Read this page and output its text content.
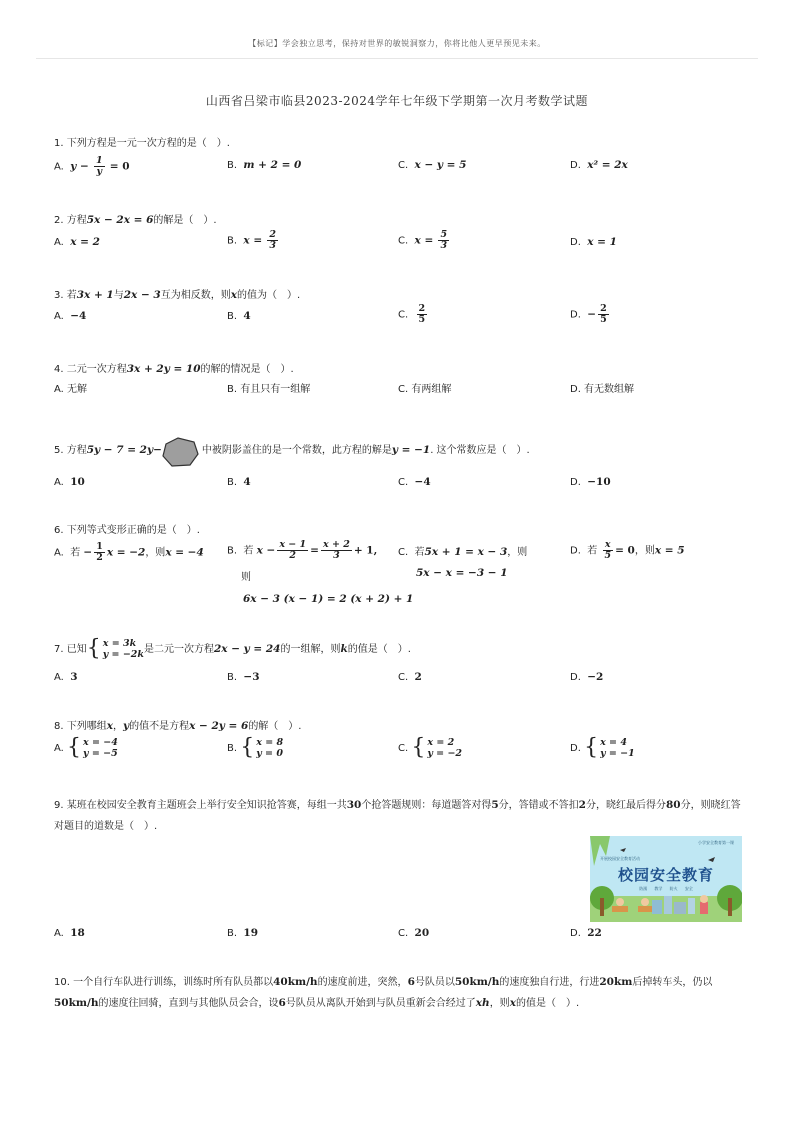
【标记】学会独立思考，保持对世界的敏锐洞察力，你将比他人更早预见未来。
山西省吕梁市临县2023-2024学年七年级下学期第一次月考数学试题
1. 下列方程是一元一次方程的是（　）.
A. $y - \frac{1}{y} = 0$	B. m + 2 = 0	C. x − y = 5	D. x² = 2x
2. 方程5x − 2x = 6的解是（　）.
A. x = 2	B. $x = \frac{2}{3}$	C. $x = \frac{5}{3}$	D. x = 1
3. 若3x + 1与2x − 3互为相反数，则x的值为（　）.
A. −4	B. 4	C. $\frac{2}{5}$	D. − $\frac{2}{5}$
4. 二元一次方程3x + 2y = 10的解的情况是（　）.
A. 无解	B. 有且只有一组解	C. 有两组解	D. 有无数组解
5. 方程5y − 7 = 2y−	中被阴影盖住的是一个常数，此方程的解是y = −1. 这个常数应是（　）.
A. 10	B. 4	C. −4	D. −10
6. 下列等式变形正确的是（　）.
A. 若 − $\frac{1}{2}$ x = −2，则x = −4 B. 若 $x - \frac{x - 1}{2} = \frac{x + 2}{3} + 1$,
则
6x − 3 (x − 1) = 2 (x + 2) + 1
C. 若5x + 1 = x − 3，则
5x − x = −3 − 1
D. 若 $\frac{x}{5} = 0$，则x = 5
7. 已知 { x = 3k
y = −2k 是二元一次方程2x − y = 24的一组解，则k的值是（　）.
A. 3	B. −3	C. 2	D. −2
8. 下列哪组x，y的值不是方程x − 2y = 6的解（　）.
A. { x = −4
y = −5	B. { x = 8
y = 0	C. { x = 2
y = −2	D. { x = 4
y = −1
9. 某班在校园安全教育主题班会上举行安全知识抢答赛，每组一共30个抢答题规则：每道题答对得5分，答错或不答扣2分，晓红最后得分80分，则晓红答对题目的道数是（　）.
小学安全教育第一课
开展校园安全教育活动
校园安全教育
防溺 教学 防火 安全
A. 18	B. 19	C. 20	D. 22
10. 一个自行车队进行训练，训练时所有队员都以40km/h的速度前进，突然，6号队员以50km/h的速度独自行进，行进20km后掉转车头，仍以50km/h的速度往回骑，直到与其他队员会合，设6号队员从离队开始到与队员重新会合经过了xh，则x的值是（　）.
